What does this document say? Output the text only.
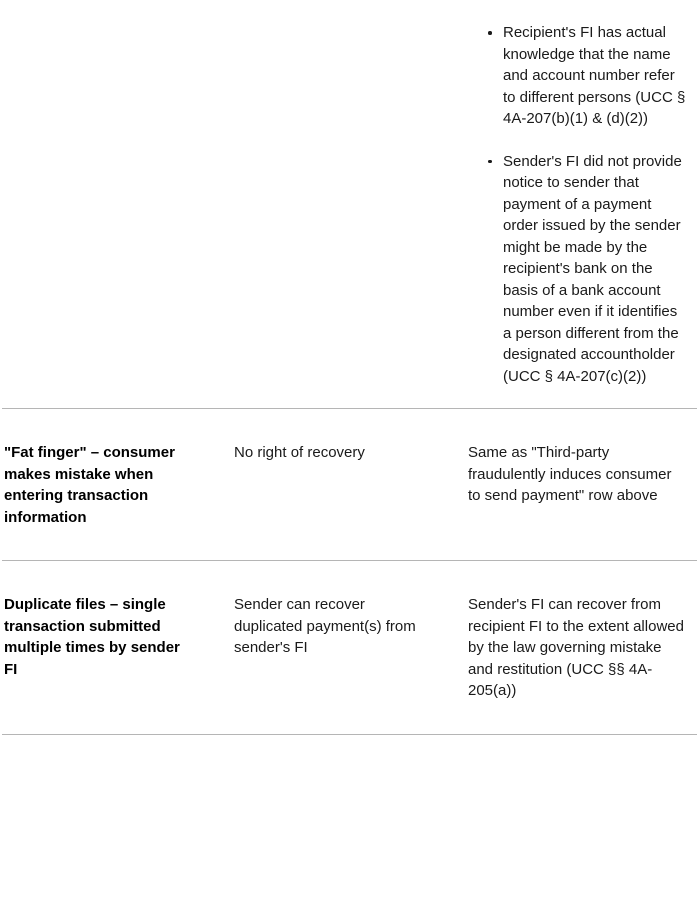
Recipient's FI has actual knowledge that the name and account number refer to different persons (UCC § 4A-207(b)(1) & (d)(2))
Sender's FI did not provide notice to sender that payment of a payment order issued by the sender might be made by the recipient's bank on the basis of a bank account number even if it identifies a person different from the designated accountholder (UCC § 4A-207(c)(2))
"Fat finger" – consumer makes mistake when entering transaction information
No right of recovery	Same as "Third-party fraudulently induces consumer to send payment" row above
Duplicate files – single transaction submitted multiple times by sender FI
Sender can recover duplicated payment(s) from sender's FI
Sender's FI can recover from recipient FI to the extent allowed by the law governing mistake and restitution (UCC §§ 4A-205(a))
